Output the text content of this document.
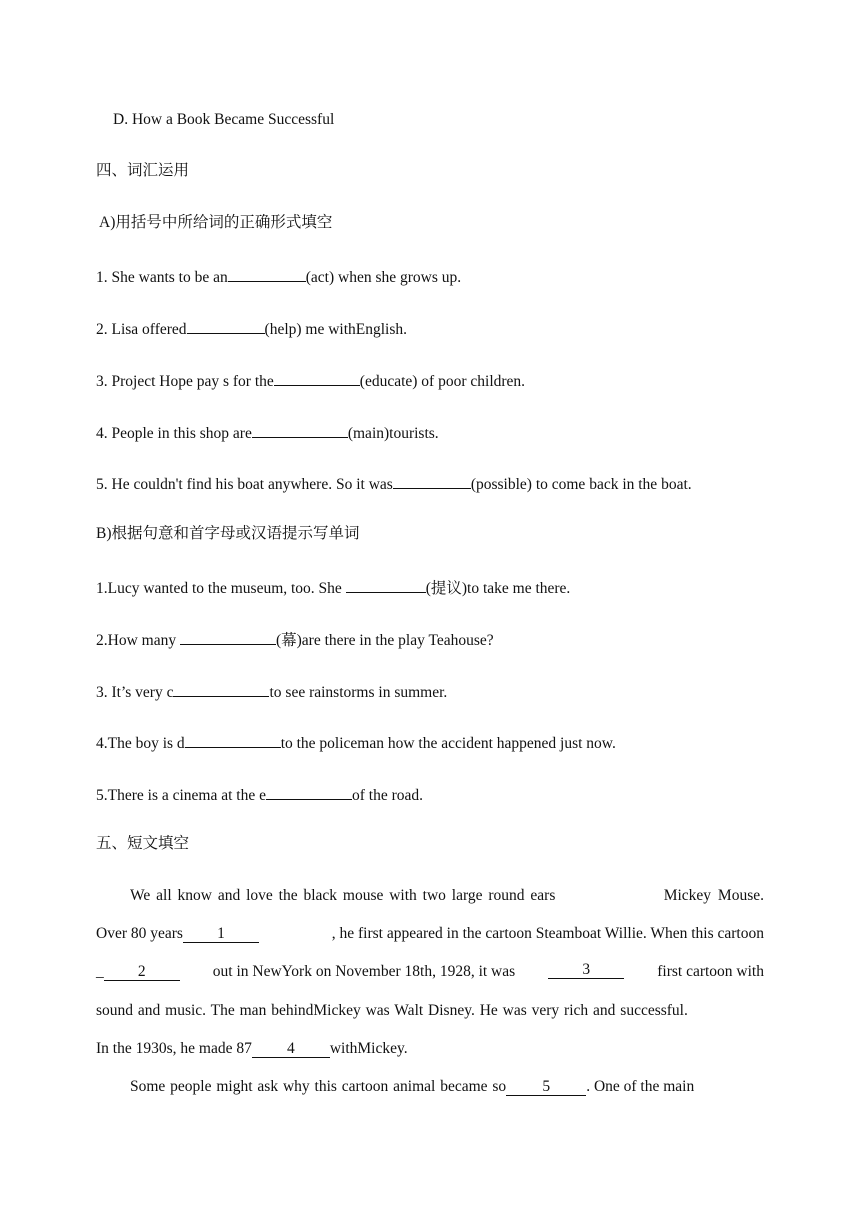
D. How a Book Became Successful
四、词汇运用
A)用括号中所给词的正确形式填空
1. She wants to be an	(act) when she grows up.
2. Lisa offered	(help) me withEnglish.
3. Project Hope pay s for the	(educate) of poor children.
4. People in this shop are	(main)tourists.
5. He couldn't find his boat anywhere. So it was	(possible) to come back in the boat.
B)根据句意和首字母或汉语提示写单词
1.Lucy wanted to the museum, too. She	(提议)to take me there.
2.How many	(幕)are there in the play Teahouse?
3. It’s very c	to see rainstorms in summer.
4.The boy is d	to the policeman how the accident happened just now.
5.There is a cinema at the e	of the road.
五、短文填空
We all know and love the black mouse with two large round ears	Mickey Mouse.
Over 80 years 1	, he first appeared in the cartoon Steamboat Willie. When this cartoon
_ 2	out in NewYork on November 18th, 1928, it was	3	first cartoon with
sound and music. The man behindMickey was Walt Disney. He was very rich and successful.
In the 1930s, he made 87 4 withMickey.
Some people might ask why this cartoon animal became so 5 . One of the main
